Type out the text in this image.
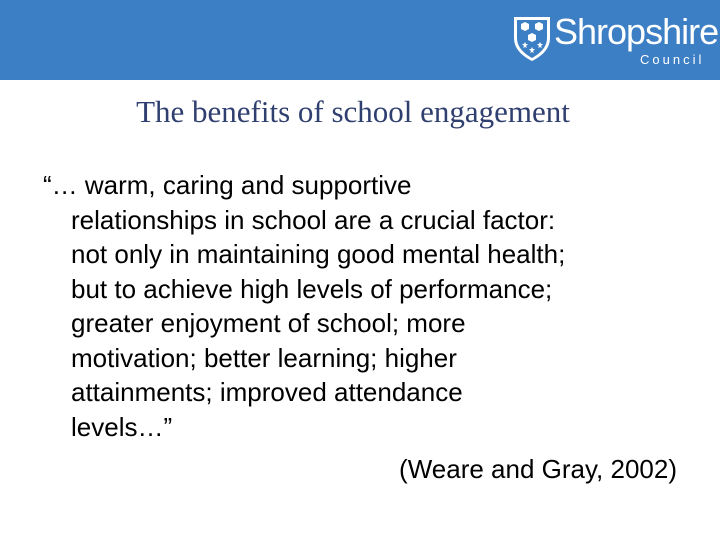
Shropshire
Council
The benefits of school engagement
“… warm, caring and supportive
relationships in school are a crucial factor:
not only in maintaining good mental health;
but to achieve high levels of performance;
greater enjoyment of school; more
motivation; better learning; higher
attainments; improved attendance
levels…”
(Weare and Gray, 2002)
